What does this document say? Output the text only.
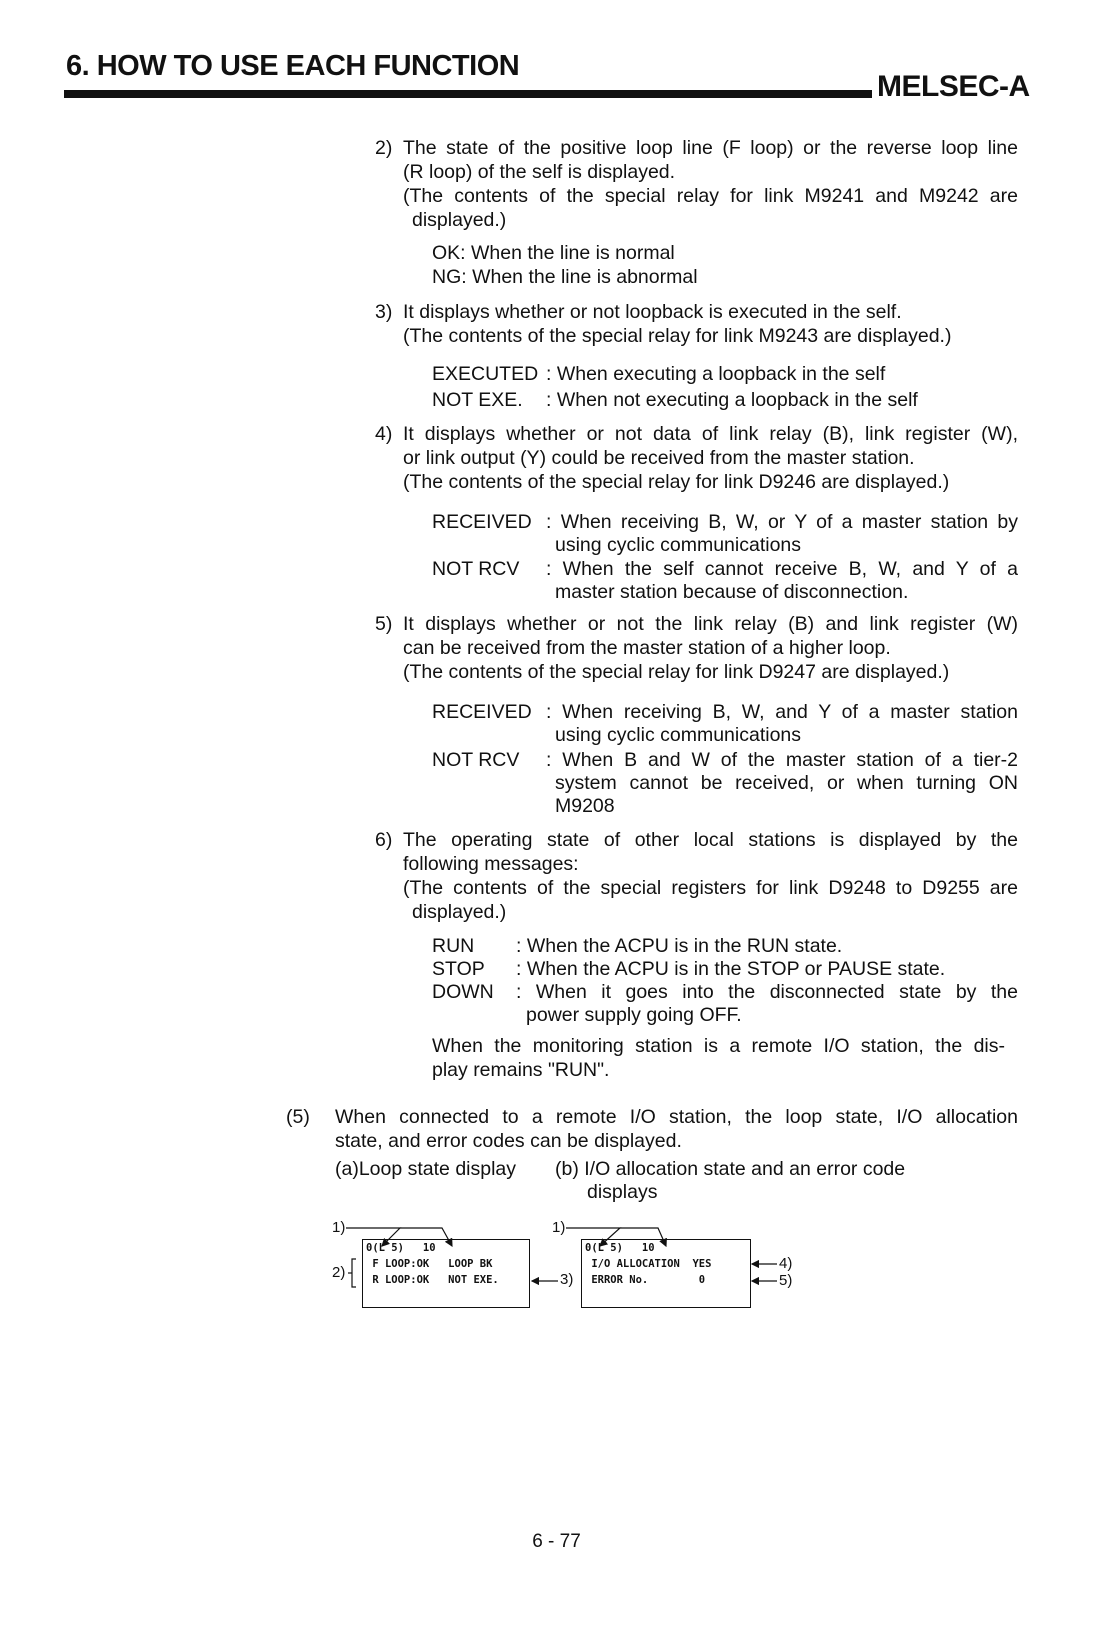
6. HOW TO USE EACH FUNCTION
MELSEC-A
2) The state of the positive loop line (F loop) or the reverse loop line
(R loop) of the self is displayed.
(The contents of the special relay for link M9241 and M9242 are
displayed.)
OK: When the line is normal
NG: When the line is abnormal
3) It displays whether or not loopback is executed in the self.
(The contents of the special relay for link M9243 are displayed.)
EXECUTED : When executing a loopback in the self
NOT EXE. : When not executing a loopback in the self
4) It displays whether or not data of link relay (B), link register (W),
or link output (Y) could be received from the master station.
(The contents of the special relay for link D9246 are displayed.)
RECEIVED : When receiving B, W, or Y of a master station by
using cyclic communications
NOT RCV : When the self cannot receive B, W, and Y of a
master station because of disconnection.
5) It displays whether or not the link relay (B) and link register (W)
can be received from the master station of a higher loop.
(The contents of the special relay for link D9247 are displayed.)
RECEIVED : When receiving B, W, and Y of a master station
using cyclic communications
NOT RCV : When B and W of the master station of a tier-2
system cannot be received, or when turning ON
M9208
6) The operating state of other local stations is displayed by the
following messages:
(The contents of the special registers for link D9248 to D9255 are
displayed.)
RUN : When the ACPU is in the RUN state.
STOP : When the ACPU is in the STOP or PAUSE state.
DOWN : When it goes into the disconnected state by the
power supply going OFF.
When the monitoring station is a remote I/O station, the dis-
play remains "RUN".
(5) When connected to a remote I/O station, the loop state, I/O allocation
state, and error codes can be displayed.
(a)Loop state display (b) I/O allocation state and an error code
displays
0(L 5)   10
F LOOP:OK   LOOP BK
R LOOP:OK   NOT EXE.
1)
2)	3)
0(L 5)   10
I/O ALLOCATION  YES
ERROR No.        0
1)
4)
5)
6 - 77
